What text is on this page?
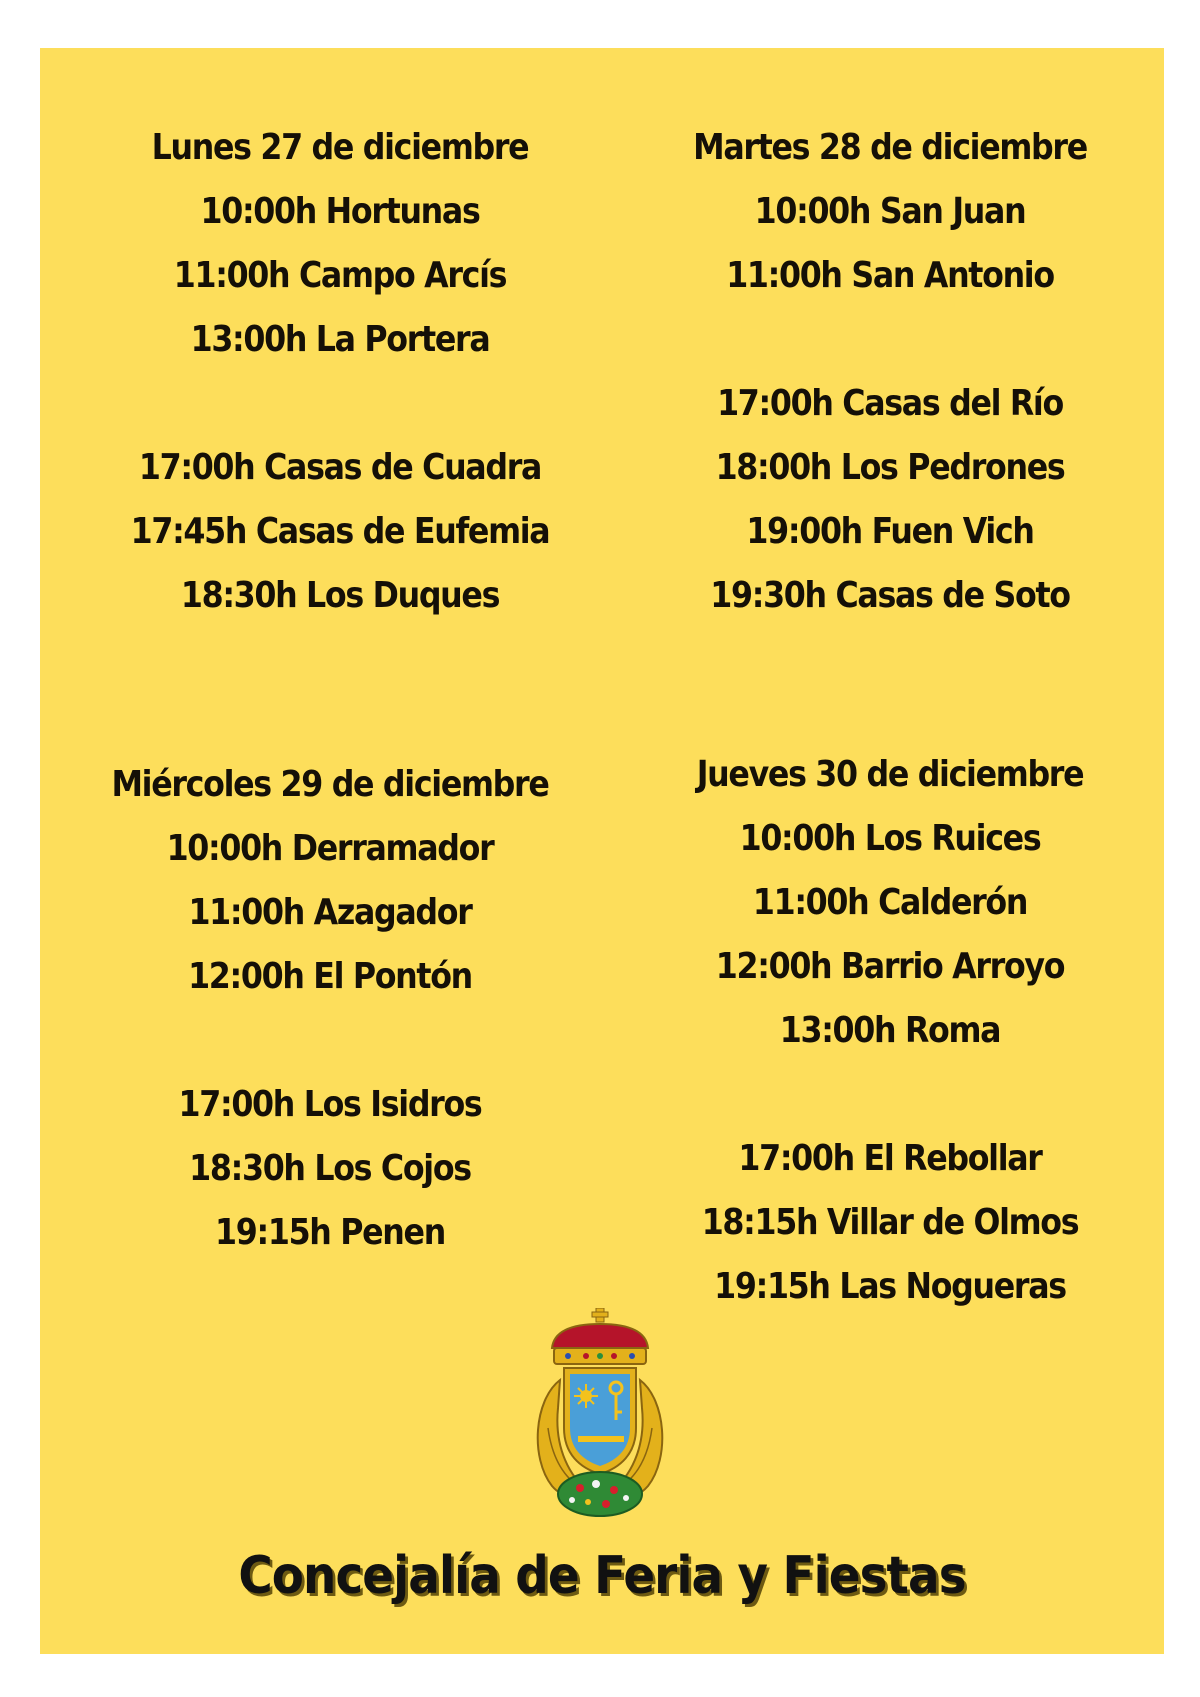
Lunes 27 de diciembre
10:00h Hortunas
11:00h Campo Arcís
13:00h La Portera
17:00h Casas de Cuadra
17:45h Casas de Eufemia
18:30h Los Duques
Martes 28 de diciembre
10:00h San Juan
11:00h San Antonio
17:00h Casas del Río
18:00h Los Pedrones
19:00h Fuen Vich
19:30h Casas de Soto
Miércoles 29 de diciembre
10:00h Derramador
11:00h Azagador
12:00h El Pontón
17:00h Los Isidros
18:30h Los Cojos
19:15h Penen
Jueves 30 de diciembre
10:00h Los Ruices
11:00h Calderón
12:00h Barrio Arroyo
13:00h Roma
17:00h El Rebollar
18:15h Villar de Olmos
19:15h Las Nogueras
Concejalía de Feria y Fiestas
